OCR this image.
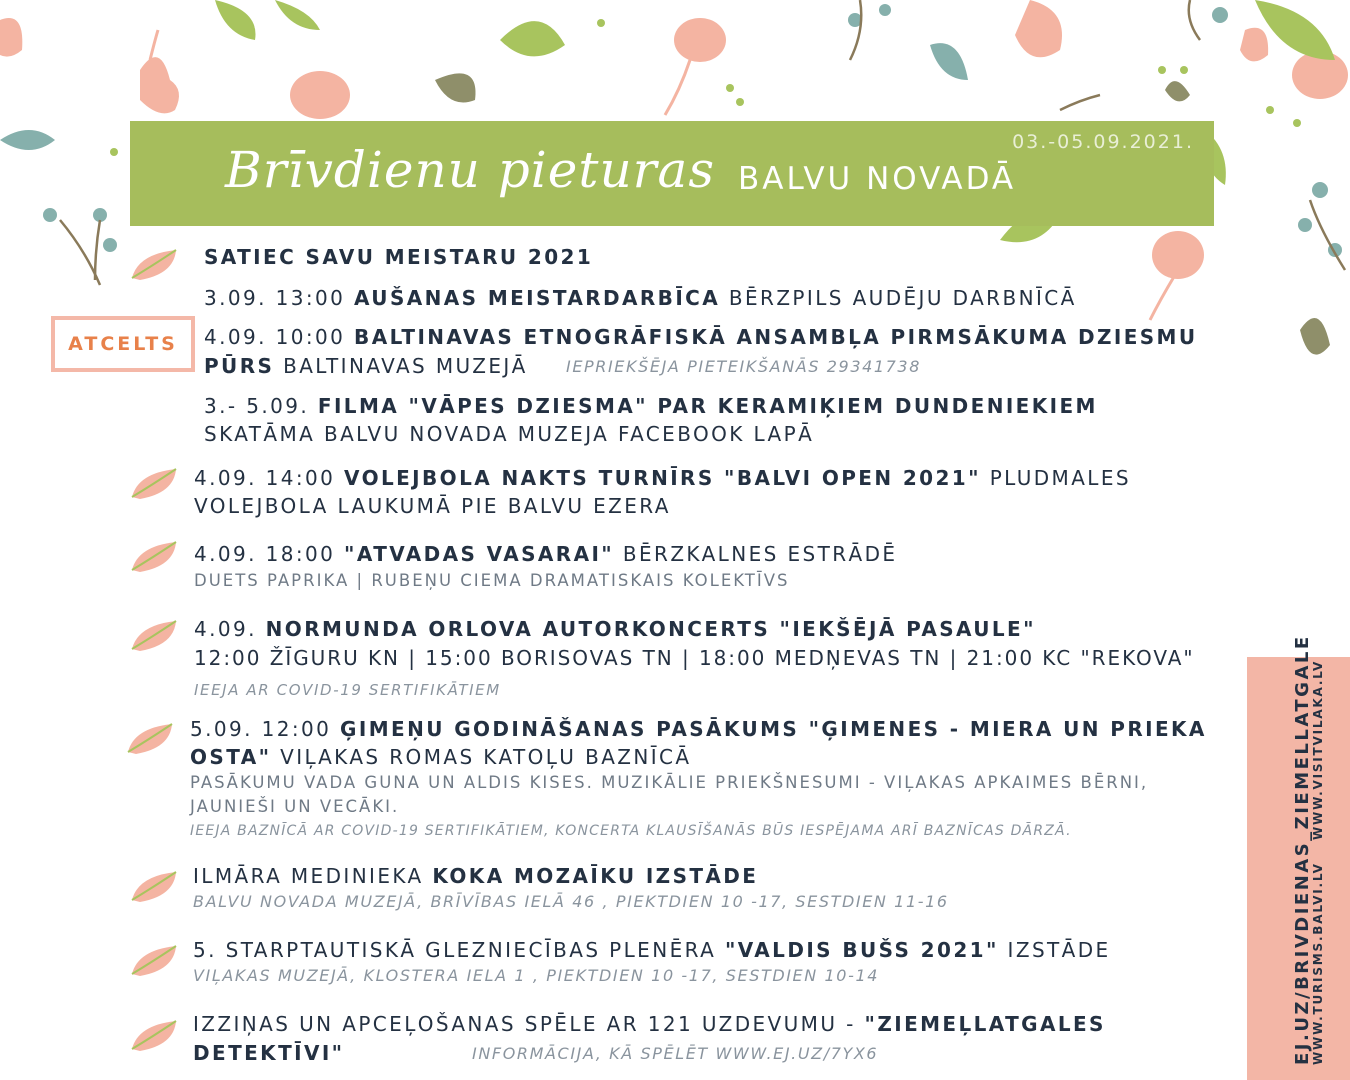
Brīvdienu pieturas BALVU NOVADĀ
03.-05.09.2021.
SATIEC SAVU MEISTARU 2021
3.09. 13:00 AUŠANAS MEISTARDARBĪCA BĒRZPILS AUDĒJU DARBNĪCĀ
ATCELTS	4.09. 10:00 BALTINAVAS ETNOGRĀFISKĀ ANSAMBĻA PIRMSĀKUMA DZIESMU
PŪRS BALTINAVAS MUZEJĀ IEPRIEKŠĒJA PIETEIKŠANĀS 29341738
3.- 5.09. FILMA "VĀPES DZIESMA" PAR KERAMIĶIEM DUNDENIEKIEM
SKATĀMA BALVU NOVADA MUZEJA FACEBOOK LAPĀ
4.09. 14:00 VOLEJBOLA NAKTS TURNĪRS "BALVI OPEN 2021" PLUDMALES
VOLEJBOLA LAUKUMĀ PIE BALVU EZERA
4.09. 18:00 "ATVADAS VASARAI" BĒRZKALNES ESTRĀDĒ
DUETS PAPRIKA | RUBEŅU CIEMA DRAMATISKAIS KOLEKTĪVS
4.09. NORMUNDA ORLOVA AUTORKONCERTS "IEKŠĒJĀ PASAULE"
12:00 ŽĪGURU KN | 15:00 BORISOVAS TN | 18:00 MEDŅEVAS TN | 21:00 KC "REKOVA"
IEEJA AR COVID-19 SERTIFIKĀTIEM
5.09. 12:00 ĢIMEŅU GODINĀŠANAS PASĀKUMS "ĢIMENES - MIERA UN PRIEKA
OSTA" VIĻAKAS ROMAS KATOĻU BAZNĪCĀ
PASĀKUMU VADA GUNA UN ALDIS KISES. MUZIKĀLIE PRIEKŠNESUMI - VIĻAKAS APKAIMES BĒRNI,
JAUNIEŠI UN VECĀKI.
IEEJA BAZNĪCĀ AR COVID-19 SERTIFIKĀTIEM, KONCERTA KLAUSĪŠANĀS BŪS IESPĒJAMA ARĪ BAZNĪCAS DĀRZĀ.
ILMĀRA MEDINIEKA KOKA MOZAĪKU IZSTĀDE
BALVU NOVADA MUZEJĀ, BRĪVĪBAS IELĀ 46 , PIEKTDIEN 10 -17, SESTDIEN 11-16
5. STARPTAUTISKĀ GLEZNIECĪBAS PLENĒRA "VALDIS BUŠS 2021" IZSTĀDE
VIĻAKAS MUZEJĀ, KLOSTERA IELA 1 , PIEKTDIEN 10 -17, SESTDIEN 10-14
IZZIŅAS UN APCEĻOŠANAS SPĒLE AR 121 UZDEVUMU - "ZIEMEĻLATGALES
DETEKTĪVI"	INFORMĀCIJA, KĀ SPĒLĒT WWW.EJ.UZ/7YX6	EJ.UZ/BRIVDIENAS_ZIEMELLATGALE
WWW.VISITVILAKA.LV
WWW.TURISMS.BALVI.LV
